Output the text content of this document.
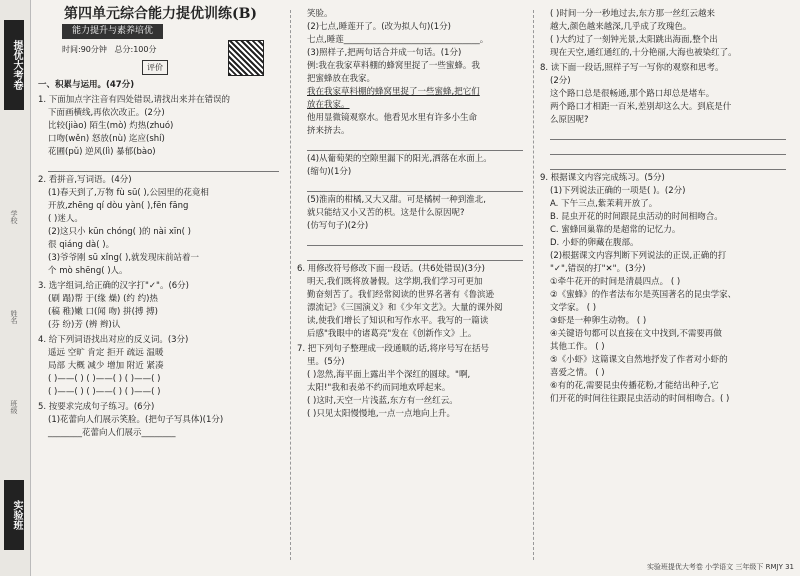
提优大考卷
学校
姓名
班级
实验班
第四单元综合能力提优训练(B)
能力提升与素养培优
时间:90分钟 总分:100分
评价

一、积累与运用。(47分)

1. 下面加点字注音有四处错误,请找出来并在错误的

下面画横线,再依次改正。(2分)

比较(jiào) 陌生(mò) 灼热(zhuó)

口吻(wěn) 怒放(nù) 迄应(shí)

花圃(pǔ) 逆风(lì) 暴郁(bào)

2. 看拼音,写词语。(4分)

(1)春天到了,万物 fù sū( ),公园里的花竟相

开放,zhēng qí dòu yàn( ),fēn fāng

( )迷人。

(2)这只小 kūn chóng( )的 nài xīn( )

很 qiáng dà( )。

(3)爷爷刚 sū xǐng( ),就发现床前站着一

个 mò shēng( )人。

3. 选字组词,给正确的汉字打"✓"。(6分)

(刷 蹋)帮 于(缘 燥) (约 约)热

(稿 稚)嫩 口(闻 吻) 拼(搏 搏)

(芬 纷)芳 (辨 辫)认

4. 给下列词语找出对应的反义词。(3分)

遥远 空旷 肯定 拒开 疏远 温暖

局部 大概 减少 增加 附近 紧凑

( )——( ) ( )——( ) ( )——( )

( )——( ) ( )——( ) ( )——( )

5. 按要求完成句子练习。(6分)

(1)花蕾向人们展示笑脸。(把句子写具体)(1分)

________花蕾向人们展示________

笑脸。

(2)七点,睡莲开了。(改为拟人句)(1分)

七点,睡莲________________________________。

(3)照样子,把两句话合并成一句话。(1分)

例:我在我家草料棚的蜂窝里捉了一些蜜蜂。我

把蜜蜂放在我家。

我在我家草料棚的蜂窝里捉了一些蜜蜂,把它们

放在我家。

他用显微镜观察水。他看见水里有许多小生命

挤来挤去。

(4)从葡萄架的空隙里漏下的阳光,洒落在水面上。

(缩句)(1分)

(5)淮南的柑橘,又大又甜。可是橘树一种到淮北,

就只能结又小又苦的枳。这是什么原因呢?

(仿写句子)(2分)

6. 用修改符号修改下面一段话。(共6处错误)(3分)

明天,我们既将放暑假。这学期,我们学习可更加

勤奋刻苦了。我们经常阅读的世界名著有《鲁滨逊

漂流记》《三国演义》和《少年文艺》。大量的课外阅

读,使我们增长了知识和写作水平。我写的一篇读

后感"我眼中的诸葛亮"发在《创新作文》上。

7. 把下列句子整理成一段通顺的话,将序号写在括号

里。(5分)

( )忽然,海平面上露出半个深红的圆球。"啊,

太阳!"我和表弟不约而同地欢呼起来。

( )这时,天空一片浅蓝,东方有一丝红云。

( )只见太阳慢慢地,一点一点地向上升。

( )时间一分一秒地过去,东方那一丝红云越来

越大,颜色越来越深,几乎成了玫瑰色。

( )大约过了一刻钟光景,太阳跳出海面,整个出

现在天空,通红通红的,十分艳丽,大海也被染红了。

8. 读下面一段话,照样子写一写你的观察和思考。

(2分)

这个路口总是很畅通,那个路口却总是堵车。

两个路口才相距一百米,差别却这么大。到底是什

么原因呢?

9. 根据课文内容完成练习。(5分)

(1)下列说法正确的一项是( )。(2分)

A. 下午三点,紫茉莉开放了。

B. 昆虫开花的时间跟昆虫活动的时间相吻合。

C. 蜜蜂回巢靠的是超常的记忆力。

D. 小虾的卵藏在腹部。

(2)根据课文内容判断下列说法的正误,正确的打

"✓",错误的打"✕"。(3分)

①牵牛花开的时间是清晨四点。 ( )

②《蜜蜂》的作者法布尔是英国著名的昆虫学家、

文学家。 ( )

③虾是一种卵生动物。 ( )

④关键语句都可以直接在文中找到,不需要再做

其他工作。 ( )

⑤《小虾》这篇课文自然地抒发了作者对小虾的

喜爱之情。 ( )

⑥有的花,需要昆虫传播花粉,才能结出种子,它

们开花的时间往往跟昆虫活动的时间相吻合。( )

实验班提优大考卷 小学语文 三年级下 RMJY 31
